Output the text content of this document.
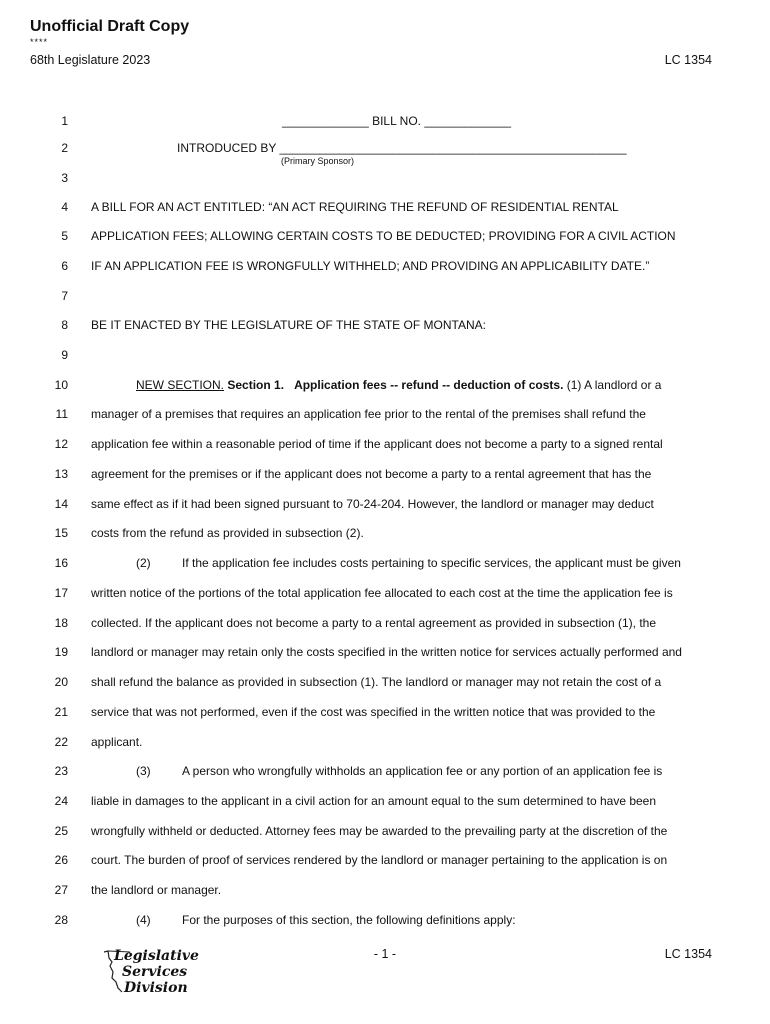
Unofficial Draft Copy
****
68th Legislature 2023	LC 1354
1	_____________ BILL NO. _____________
2	INTRODUCED BY ____________________________________________________
(Primary Sponsor)
3
4 A BILL FOR AN ACT ENTITLED: “AN ACT REQUIRING THE REFUND OF RESIDENTIAL RENTAL
5 APPLICATION FEES; ALLOWING CERTAIN COSTS TO BE DEDUCTED; PROVIDING FOR A CIVIL ACTION
6 IF AN APPLICATION FEE IS WRONGFULLY WITHHELD; AND PROVIDING AN APPLICABILITY DATE.”
7
8 BE IT ENACTED BY THE LEGISLATURE OF THE STATE OF MONTANA:
9
10	NEW SECTION. Section 1. Application fees -- refund -- deduction of costs. (1) A landlord or a
11 manager of a premises that requires an application fee prior to the rental of the premises shall refund the
12 application fee within a reasonable period of time if the applicant does not become a party to a signed rental
13 agreement for the premises or if the applicant does not become a party to a rental agreement that has the
14 same effect as if it had been signed pursuant to 70-24-204. However, the landlord or manager may deduct
15 costs from the refund as provided in subsection (2).
16	(2)	If the application fee includes costs pertaining to specific services, the applicant must be given
17 written notice of the portions of the total application fee allocated to each cost at the time the application fee is
18 collected. If the applicant does not become a party to a rental agreement as provided in subsection (1), the
19 landlord or manager may retain only the costs specified in the written notice for services actually performed and
20 shall refund the balance as provided in subsection (1). The landlord or manager may not retain the cost of a
21 service that was not performed, even if the cost was specified in the written notice that was provided to the
22 applicant.
23	(3)	A person who wrongfully withholds an application fee or any portion of an application fee is
24 liable in damages to the applicant in a civil action for an amount equal to the sum determined to have been
25 wrongfully withheld or deducted. Attorney fees may be awarded to the prevailing party at the discretion of the
26 court. The burden of proof of services rendered by the landlord or manager pertaining to the application is on
27 the landlord or manager.
28	(4)	For the purposes of this section, the following definitions apply:
Legislative
Services
Division
- 1 -	LC 1354
